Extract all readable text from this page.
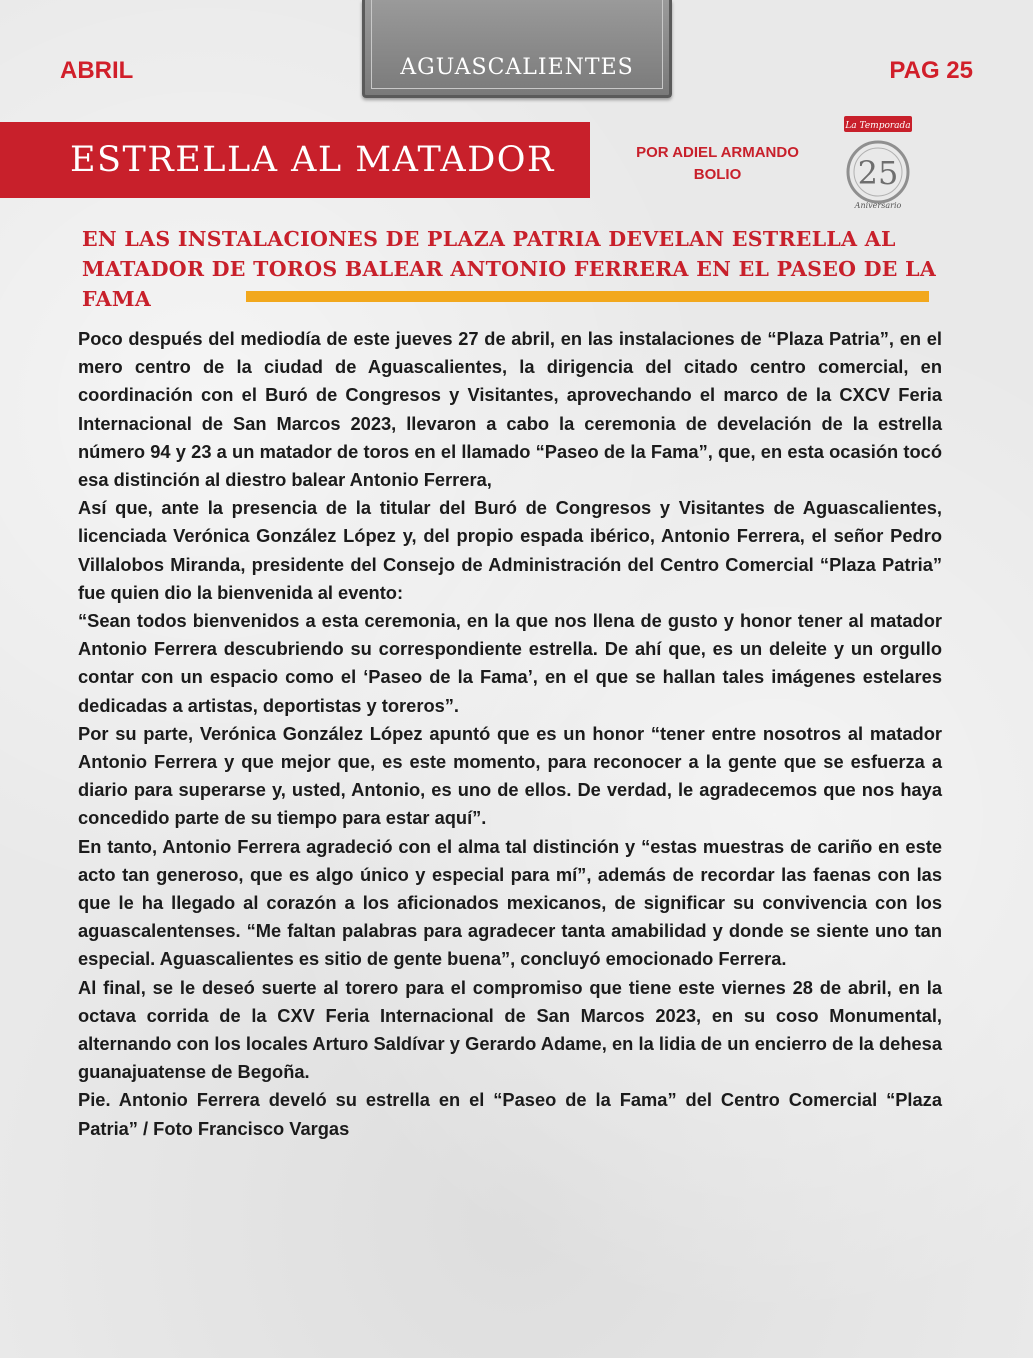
AGUASCALIENTES
ABRIL	PAG 25
ESTRELLA AL MATADOR	POR ADIEL ARMANDO
BOLIO
La Temporada
25
Aniversario
EN LAS INSTALACIONES DE PLAZA PATRIA DEVELAN ESTRELLA AL MATADOR DE TOROS BALEAR ANTONIO FERRERA EN EL PASEO DE LA FAMA

Poco después del mediodía de este jueves 27 de abril, en las instalaciones de “Plaza Patria”, en el mero centro de la ciudad de Aguascalientes, la dirigencia del citado centro comercial, en coordinación con el Buró de Congresos y Visitantes, aprovechando el marco de la CXCV Feria Internacional de San Marcos 2023, llevaron a cabo la ceremonia de develación de la estrella número 94 y 23 a un matador de toros en el llamado “Paseo de la Fama”, que, en esta ocasión tocó esa distinción al diestro balear Antonio Ferrera,

Así que, ante la presencia de la titular del Buró de Congresos y Visitantes de Aguascalientes, licenciada Verónica González López y, del propio espada ibérico, Antonio Ferrera, el señor Pedro Villalobos Miranda, presidente del Consejo de Administración del Centro Comercial “Plaza Patria” fue quien dio la bienvenida al evento:

“Sean todos bienvenidos a esta ceremonia, en la que nos llena de gusto y honor tener al matador Antonio Ferrera descubriendo su correspondiente estrella. De ahí que, es un deleite y un orgullo contar con un espacio como el ‘Paseo de la Fama’, en el que se hallan tales imágenes estelares dedicadas a artistas, deportistas y toreros”.

Por su parte, Verónica González López apuntó que es un honor “tener entre nosotros al matador Antonio Ferrera y que mejor que, es este momento, para reconocer a la gente que se esfuerza a diario para superarse y, usted, Antonio, es uno de ellos. De verdad, le agradecemos que nos haya concedido parte de su tiempo para estar aquí”.

En tanto, Antonio Ferrera agradeció con el alma tal distinción y “estas muestras de cariño en este acto tan generoso, que es algo único y especial para mí”, además de recordar las faenas con las que le ha llegado al corazón a los aficionados mexicanos, de significar su convivencia con los aguascalentenses. “Me faltan palabras para agradecer tanta amabilidad y donde se siente uno tan especial. Aguascalientes es sitio de gente buena”, concluyó emocionado Ferrera.

Al final, se le deseó suerte al torero para el compromiso que tiene este viernes 28 de abril, en la octava corrida de la CXV Feria Internacional de San Marcos 2023, en su coso Monumental, alternando con los locales Arturo Saldívar y Gerardo Adame, en la lidia de un encierro de la dehesa guanajuatense de Begoña.

Pie. Antonio Ferrera develó su estrella en el “Paseo de la Fama” del Centro Comercial “Plaza Patria” / Foto Francisco Vargas
